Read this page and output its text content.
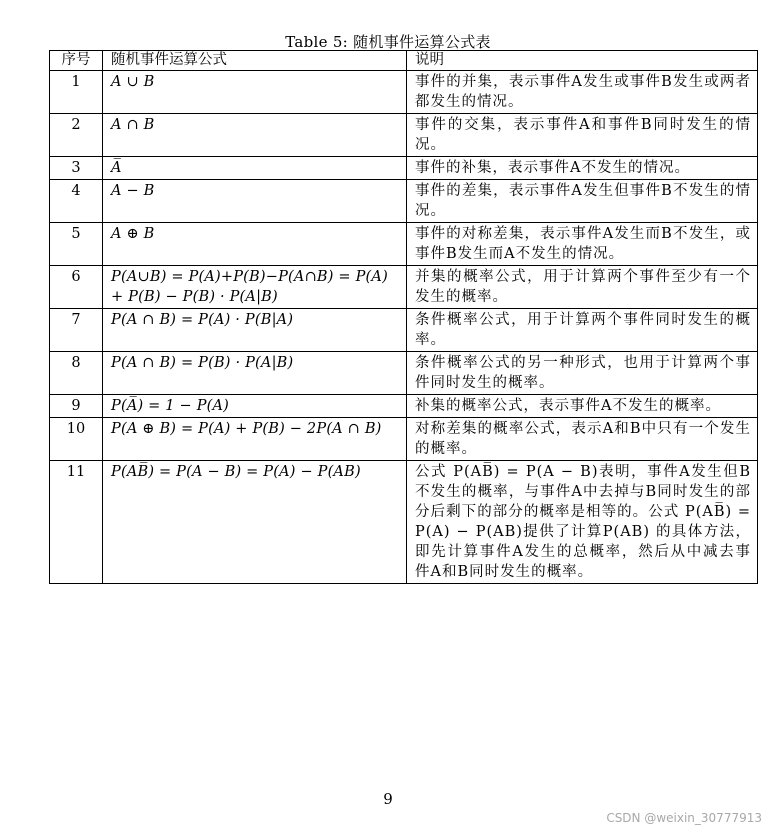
Table 5: 随机事件运算公式表
序号	随机事件运算公式	说明
1	A ∪ B	事件的并集，表示事件A发生或事件B发生或两者都发生的情况。
2	A ∩ B	事件的交集，表示事件A和事件B同时发生的情况。
3	A̅	事件的补集，表示事件A不发生的情况。
4	A − B	事件的差集，表示事件A发生但事件B不发生的情况。
5	A ⊕ B	事件的对称差集，表示事件A发生而B不发生，或事件B发生而A不发生的情况。
6	P(A∪B) = P(A)+P(B)−P(A∩B) = P(A) + P(B) − P(B) · P(A|B)	并集的概率公式，用于计算两个事件至少有一个发生的概率。
7	P(A ∩ B) = P(A) · P(B|A)	条件概率公式，用于计算两个事件同时发生的概率。
8	P(A ∩ B) = P(B) · P(A|B)	条件概率公式的另一种形式，也用于计算两个事件同时发生的概率。
9	P(A̅) = 1 − P(A)	补集的概率公式，表示事件A不发生的概率。
10	P(A ⊕ B) = P(A) + P(B) − 2P(A ∩ B)	对称差集的概率公式，表示A和B中只有一个发生的概率。
11	P(AB̅) = P(A − B) = P(A) − P(AB)	公式 P(AB̅) = P(A − B)表明，事件A发生但B不发生的概率，与事件A中去掉与B同时发生的部分后剩下的部分的概率是相等的。公式 P(AB̅) = P(A) − P(AB)提供了计算P(AB) 的具体方法，即先计算事件A发生的总概率，然后从中减去事件A和B同时发生的概率。
9
CSDN @weixin_30777913
